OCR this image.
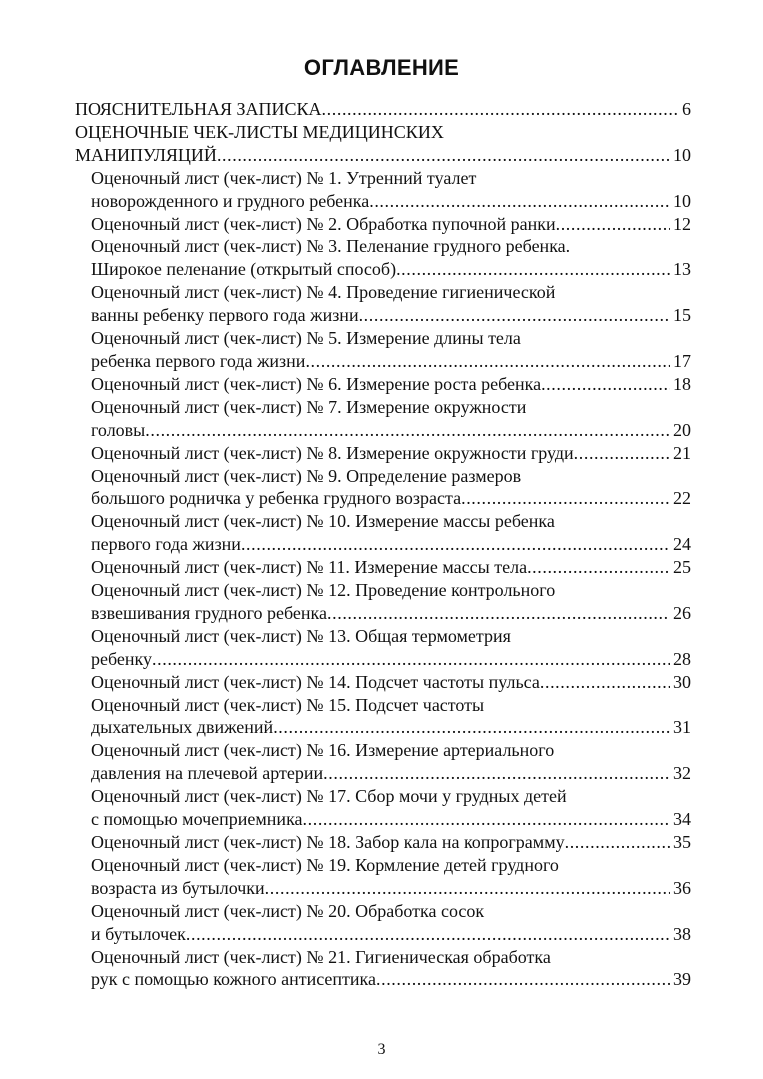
ОГЛАВЛЕНИЕ
ПОЯСНИТЕЛЬНАЯ ЗАПИСКА .....	6
ОЦЕНОЧНЫЕ ЧЕК-ЛИСТЫ МЕДИЦИНСКИХ
МАНИПУЛЯЦИЙ .....	10
Оценочный лист (чек-лист) № 1. Утренний туалет
новорожденного и грудного ребенка .....	10
Оценочный лист (чек-лист) № 2. Обработка пупочной ранки .....	12
Оценочный лист (чек-лист) № 3. Пеленание грудного ребенка.
Широкое пеленание (открытый способ) .....	13
Оценочный лист (чек-лист) № 4. Проведение гигиенической
ванны ребенку первого года жизни .....	15
Оценочный лист (чек-лист) № 5. Измерение длины тела
ребенка первого года жизни .....	17
Оценочный лист (чек-лист) № 6. Измерение роста ребенка .....	18
Оценочный лист (чек-лист) № 7. Измерение окружности
головы .....	20
Оценочный лист (чек-лист) № 8. Измерение окружности груди .....	21
Оценочный лист (чек-лист) № 9. Определение размеров
большого родничка у ребенка грудного возраста .....	22
Оценочный лист (чек-лист) № 10. Измерение массы ребенка
первого года жизни .....	24
Оценочный лист (чек-лист) № 11. Измерение массы тела .....	25
Оценочный лист (чек-лист) № 12. Проведение контрольного
взвешивания грудного ребенка .....	26
Оценочный лист (чек-лист) № 13. Общая термометрия
ребенку .....	28
Оценочный лист (чек-лист) № 14. Подсчет частоты пульса .....	30
Оценочный лист (чек-лист) № 15. Подсчет частоты
дыхательных движений .....	31
Оценочный лист (чек-лист) № 16. Измерение артериального
давления на плечевой артерии .....	32
Оценочный лист (чек-лист) № 17. Сбор мочи у грудных детей
с помощью мочеприемника .....	34
Оценочный лист (чек-лист) № 18. Забор кала на копрограмму .....	35
Оценочный лист (чек-лист) № 19. Кормление детей грудного
возраста из бутылочки .....	36
Оценочный лист (чек-лист) № 20. Обработка сосок
и бутылочек .....	38
Оценочный лист (чек-лист) № 21. Гигиеническая обработка
рук с помощью кожного антисептика .....	39
3
